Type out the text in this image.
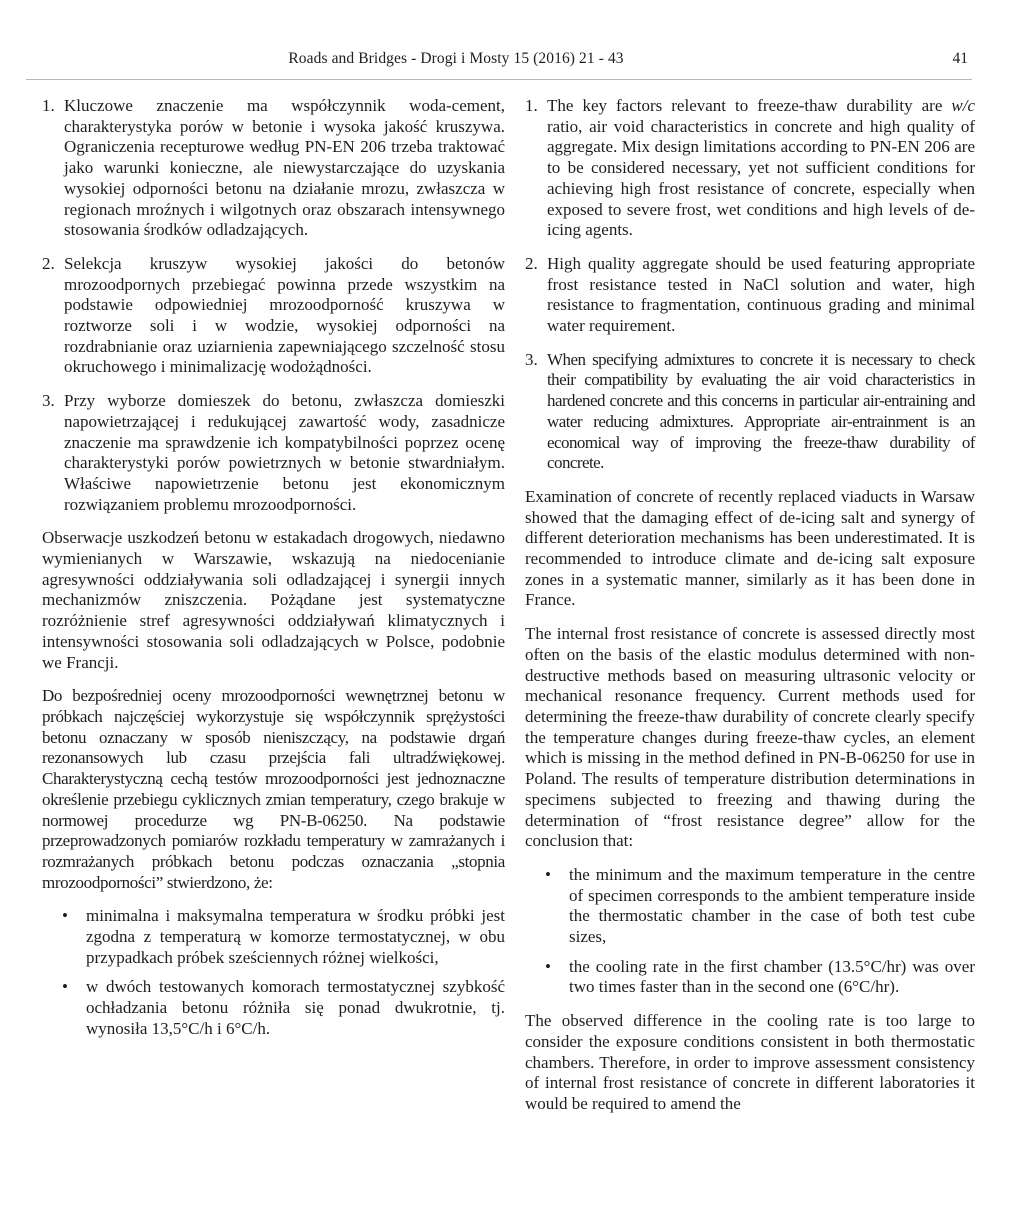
Roads and Bridges - Drogi i Mosty 15 (2016) 21 - 43	41
1. Kluczowe znaczenie ma współczynnik woda-cement, charakterystyka porów w betonie i wysoka jakość kruszywa. Ograniczenia recepturowe według PN-EN 206 trzeba traktować jako warunki konieczne, ale niewystarczające do uzyskania wysokiej odporności betonu na działanie mrozu, zwłaszcza w regionach mroźnych i wilgotnych oraz obszarach intensywnego stosowania środków odladzających.
2. Selekcja kruszyw wysokiej jakości do betonów mrozoodpornych przebiegać powinna przede wszystkim na podstawie odpowiedniej mrozoodporność kruszywa w roztworze soli i w wodzie, wysokiej odporności na rozdrabnianie oraz uziarnienia zapewniającego szczelność stosu okruchowego i minimalizację wodożądności.
3. Przy wyborze domieszek do betonu, zwłaszcza domieszki napowietrzającej i redukującej zawartość wody, zasadnicze znaczenie ma sprawdzenie ich kompatybilności poprzez ocenę charakterystyki porów powietrznych w betonie stwardniałym. Właściwe napowietrzenie betonu jest ekonomicznym rozwiązaniem problemu mrozoodporności.

Obserwacje uszkodzeń betonu w estakadach drogowych, niedawno wymienianych w Warszawie, wskazują na niedocenianie agresywności oddziaływania soli odladzającej i synergii innych mechanizmów zniszczenia. Pożądane jest systematyczne rozróżnienie stref agresywności oddziaływań klimatycznych i intensywności stosowania soli odladzających w Polsce, podobnie we Francji.

Do bezpośredniej oceny mrozoodporności wewnętrznej betonu w próbkach najczęściej wykorzystuje się współczynnik sprężystości betonu oznaczany w sposób nieniszczący, na podstawie drgań rezonansowych lub czasu przejścia fali ultradźwiękowej. Charakterystyczną cechą testów mrozoodporności jest jednoznaczne określenie przebiegu cyklicznych zmian temperatury, czego brakuje w normowej procedurze wg PN-B-06250. Na podstawie przeprowadzonych pomiarów rozkładu temperatury w zamrażanych i rozmrażanych próbkach betonu podczas oznaczania „stopnia mrozoodporności” stwierdzono, że:

• minimalna i maksymalna temperatura w środku próbki jest zgodna z temperaturą w komorze termostatycznej, w obu przypadkach próbek sześciennych różnej wielkości,
• w dwóch testowanych komorach termostatycznej szybkość ochładzania betonu różniła się ponad dwukrotnie, tj. wynosiła 13,5°C/h i 6°C/h.
1. The key factors relevant to freeze-thaw durability are w/c ratio, air void characteristics in concrete and high quality of aggregate. Mix design limitations according to PN-EN 206 are to be considered necessary, yet not sufficient conditions for achieving high frost resistance of concrete, especially when exposed to severe frost, wet conditions and high levels of de-icing agents.
2. High quality aggregate should be used featuring appropriate frost resistance tested in NaCl solution and water, high resistance to fragmentation, continuous grading and minimal water requirement.
3. When specifying admixtures to concrete it is necessary to check their compatibility by evaluating the air void characteristics in hardened concrete and this concerns in particular air-entraining and water reducing admixtures. Appropriate air-entrainment is an economical way of improving the freeze-thaw durability of concrete.

Examination of concrete of recently replaced viaducts in Warsaw showed that the damaging effect of de-icing salt and synergy of different deterioration mechanisms has been underestimated. It is recommended to introduce climate and de-icing salt exposure zones in a systematic manner, similarly as it has been done in France.

The internal frost resistance of concrete is assessed directly most often on the basis of the elastic modulus determined with non-destructive methods based on measuring ultrasonic velocity or mechanical resonance frequency. Current methods used for determining the freeze-thaw durability of concrete clearly specify the temperature changes during freeze-thaw cycles, an element which is missing in the method defined in PN-B-06250 for use in Poland. The results of temperature distribution determinations in specimens subjected to freezing and thawing during the determination of “frost resistance degree” allow for the conclusion that:

• the minimum and the maximum temperature in the centre of specimen corresponds to the ambient temperature inside the thermostatic chamber in the case of both test cube sizes,
• the cooling rate in the first chamber (13.5°C/hr) was over two times faster than in the second one (6°C/hr).

The observed difference in the cooling rate is too large to consider the exposure conditions consistent in both thermostatic chambers. Therefore, in order to improve assessment consistency of internal frost resistance of concrete in different laboratories it would be required to amend the
